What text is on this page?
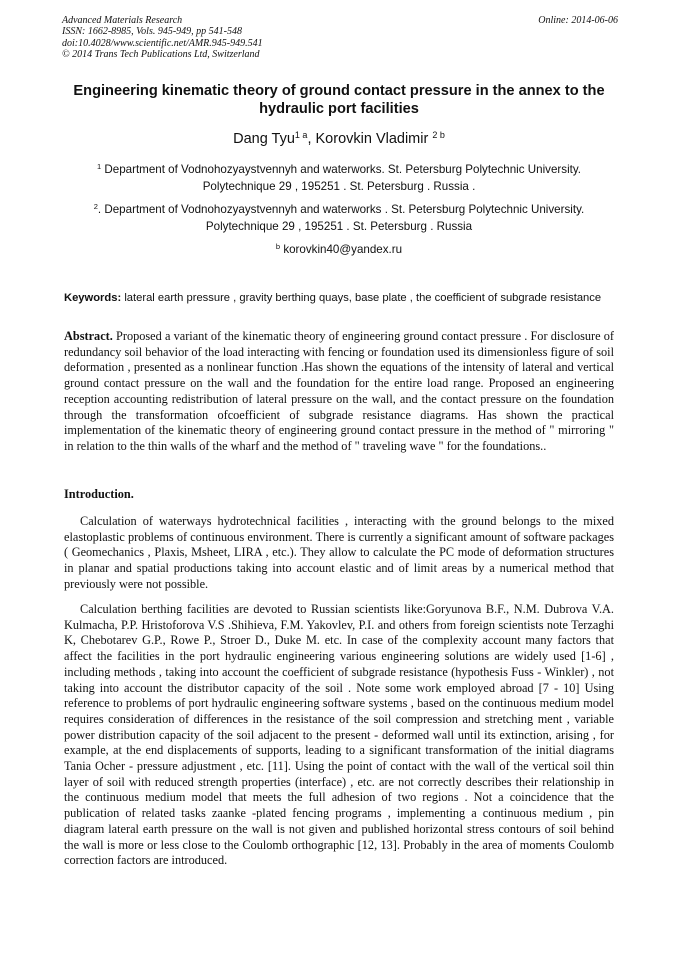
Advanced Materials Research
ISSN: 1662-8985, Vols. 945-949, pp 541-548
doi:10.4028/www.scientific.net/AMR.945-949.541
© 2014 Trans Tech Publications Ltd, Switzerland
Online: 2014-06-06
Engineering kinematic theory of ground contact pressure in the annex to the hydraulic port facilities
Dang Tyu$^{1 a}$, Korovkin Vladimir $^{2 b}$
$^1$ Department of Vodnohozyaystvennyh and waterworks. St. Petersburg Polytechnic University.
Polytechnique 29 , 195251 . St. Petersburg . Russia .
$^2$. Department of Vodnohozyaystvennyh and waterworks . St. Petersburg Polytechnic University.
Polytechnique 29 , 195251 . St. Petersburg . Russia
$^b$ korovkin40@yandex.ru
Keywords: lateral earth pressure , gravity berthing quays, base plate , the coefficient of subgrade resistance
Abstract. Proposed a variant of the kinematic theory of engineering ground contact pressure . For disclosure of redundancy soil behavior of the load interacting with fencing or foundation used its dimensionless figure of soil deformation , presented as a nonlinear function .Has shown the equations of the intensity of lateral and vertical ground contact pressure on the wall and the foundation for the entire load range. Proposed an engineering reception accounting redistribution of lateral pressure on the wall, and the contact pressure on the foundation through the transformation ofcoefficient of subgrade resistance diagrams. Has shown the practical implementation of the kinematic theory of engineering ground contact pressure in the method of " mirroring " in relation to the thin walls of the wharf and the method of " traveling wave " for the foundations..
Introduction.
Calculation of waterways hydrotechnical facilities , interacting with the ground belongs to the mixed elastoplastic problems of continuous environment. There is currently a significant amount of software packages ( Geomechanics , Plaxis, Msheet, LIRA , etc.). They allow to calculate the PC mode of deformation structures in planar and spatial productions taking into account elastic and of limit areas by a numerical method that previously were not possible.
Calculation berthing facilities are devoted to Russian scientists like:Goryunova B.F., N.M. Dubrova V.A. Kulmacha, P.P. Hristoforova V.S .Shihieva, F.M. Yakovlev, P.I. and others from foreign scientists note Terzaghi K, Chebotarev G.P., Rowe P., Stroer D., Duke M. etc. In case of the complexity account many factors that affect the facilities in the port hydraulic engineering various engineering solutions are widely used [1-6] , including methods , taking into account the coefficient of subgrade resistance (hypothesis Fuss - Winkler) , not taking into account the distributor capacity of the soil . Note some work employed abroad [7 - 10] Using reference to problems of port hydraulic engineering software systems , based on the continuous medium model requires consideration of differences in the resistance of the soil compression and stretching ment , variable power distribution capacity of the soil adjacent to the present - deformed wall until its extinction, arising , for example, at the end displacements of supports, leading to a significant transformation of the initial diagrams Tania Ocher - pressure adjustment , etc. [11]. Using the point of contact with the wall of the vertical soil thin layer of soil with reduced strength properties (interface) , etc. are not correctly describes their relationship in the continuous medium model that meets the full adhesion of two regions . Not a coincidence that the publication of related tasks zaanke -plated fencing programs , implementing a continuous medium , pin diagram lateral earth pressure on the wall is not given and published horizontal stress contours of soil behind the wall is more or less close to the Coulomb orthographic [12, 13]. Probably in the area of moments Coulomb correction factors are introduced.
